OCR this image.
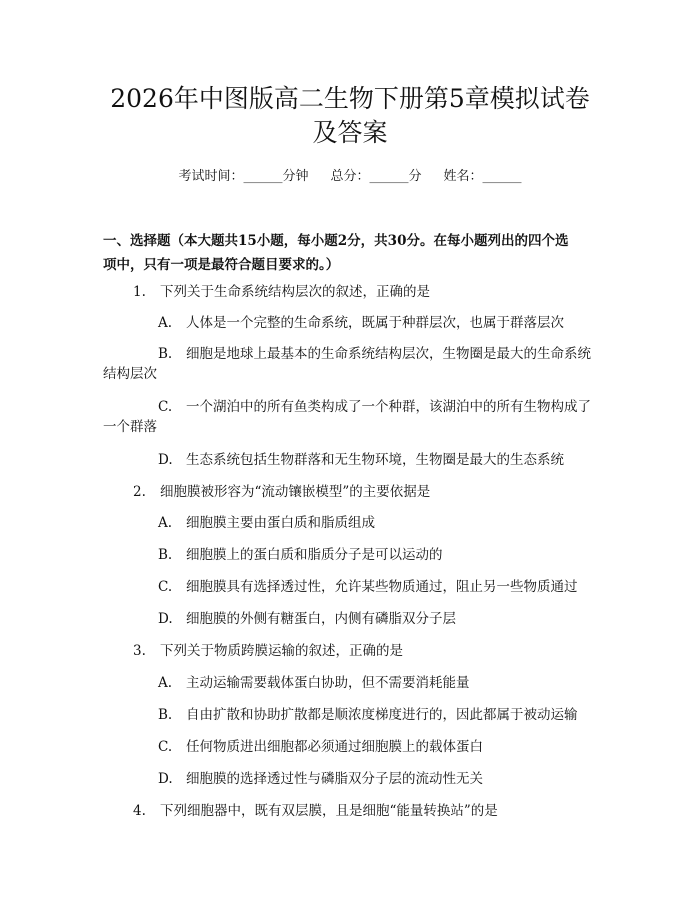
2026年中图版高二生物下册第5章模拟试卷
及答案
考试时间：______分钟 总分：______分 姓名：______

一、选择题（本大题共15小题，每小题2分，共30分。在每小题列出的四个选

项中，只有一项是最符合题目要求的。）

1. 下列关于生命系统结构层次的叙述，正确的是
A. 人体是一个完整的生命系统，既属于种群层次，也属于群落层次
B. 细胞是地球上最基本的生命系统结构层次，生物圈是最大的生命系统
结构层次
C. 一个湖泊中的所有鱼类构成了一个种群，该湖泊中的所有生物构成了
一个群落
D. 生态系统包括生物群落和无生物环境，生物圈是最大的生态系统
2. 细胞膜被形容为“流动镶嵌模型”的主要依据是
A. 细胞膜主要由蛋白质和脂质组成
B. 细胞膜上的蛋白质和脂质分子是可以运动的
C. 细胞膜具有选择透过性，允许某些物质通过，阻止另一些物质通过
D. 细胞膜的外侧有糖蛋白，内侧有磷脂双分子层
3. 下列关于物质跨膜运输的叙述，正确的是
A. 主动运输需要载体蛋白协助，但不需要消耗能量
B. 自由扩散和协助扩散都是顺浓度梯度进行的，因此都属于被动运输
C. 任何物质进出细胞都必须通过细胞膜上的载体蛋白
D. 细胞膜的选择透过性与磷脂双分子层的流动性无关
4. 下列细胞器中，既有双层膜，且是细胞“能量转换站”的是
